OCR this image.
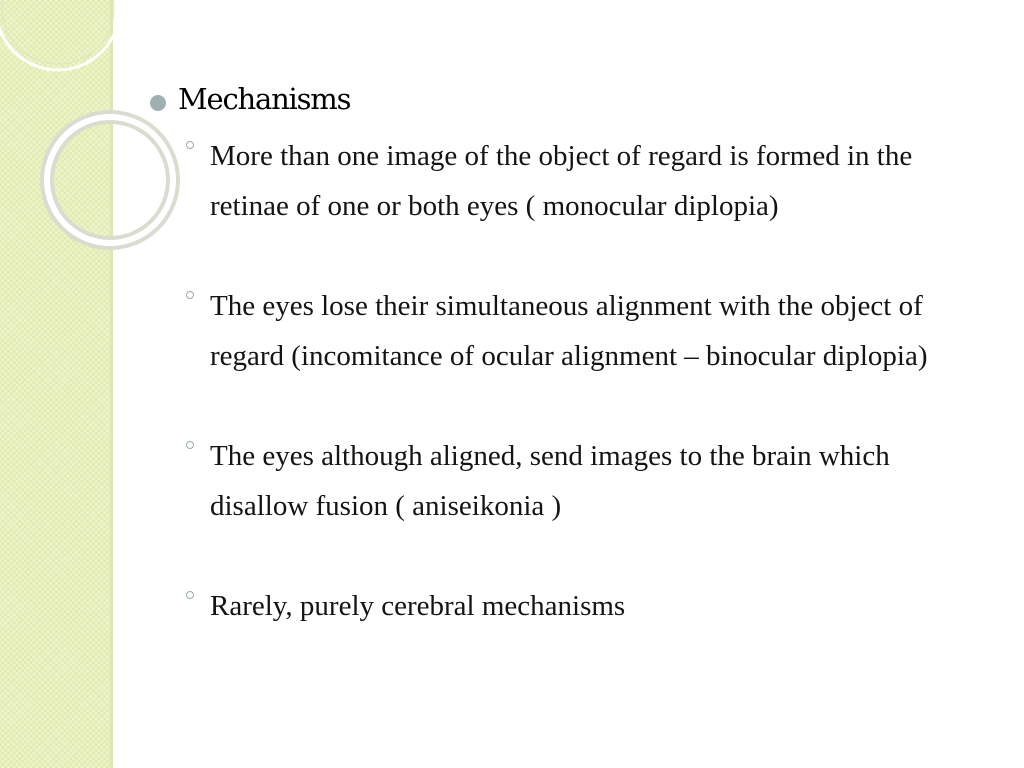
Mechanisms
More than one image of the object of regard is formed in the retinae of one or both eyes ( monocular diplopia)
The eyes lose their simultaneous alignment with the object of regard (incomitance of ocular alignment – binocular diplopia)
The eyes although aligned, send images to the brain which disallow fusion ( aniseikonia )
Rarely, purely cerebral mechanisms
